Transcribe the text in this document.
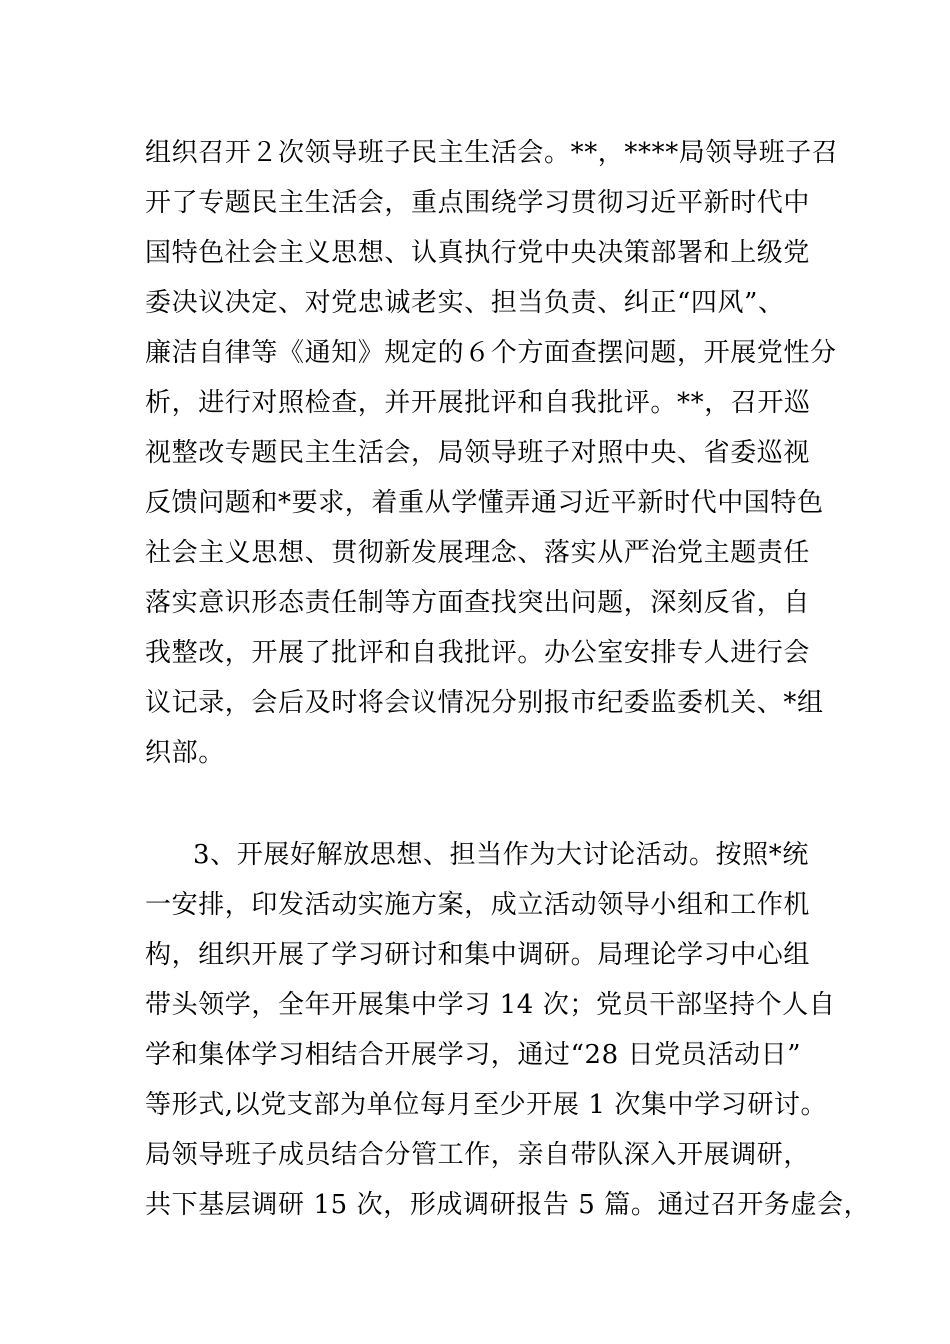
组织召开２次领导班子民主生活会。**，****局领导班子召
开了专题民主生活会，重点围绕学习贯彻习近平新时代中
国特色社会主义思想、认真执行党中央决策部署和上级党
委决议决定、对党忠诚老实、担当负责、纠正“四风”、
廉洁自律等《通知》规定的６个方面查摆问题，开展党性分
析，进行对照检查，并开展批评和自我批评。**，召开巡
视整改专题民主生活会，局领导班子对照中央、省委巡视
反馈问题和*要求，着重从学懂弄通习近平新时代中国特色
社会主义思想、贯彻新发展理念、落实从严治党主题责任
落实意识形态责任制等方面查找突出问题，深刻反省，自
我整改，开展了批评和自我批评。办公室安排专人进行会
议记录，会后及时将会议情况分别报市纪委监委机关、*组
织部。
3、开展好解放思想、担当作为大讨论活动。按照*统
一安排，印发活动实施方案，成立活动领导小组和工作机
构，组织开展了学习研讨和集中调研。局理论学习中心组
带头领学，全年开展集中学习 14 次；党员干部坚持个人自
学和集体学习相结合开展学习，通过“28 日党员活动日”
等形式,以党支部为单位每月至少开展 1 次集中学习研讨。
局领导班子成员结合分管工作，亲自带队深入开展调研，
共下基层调研 15 次，形成调研报告 5 篇。通过召开务虚会，
